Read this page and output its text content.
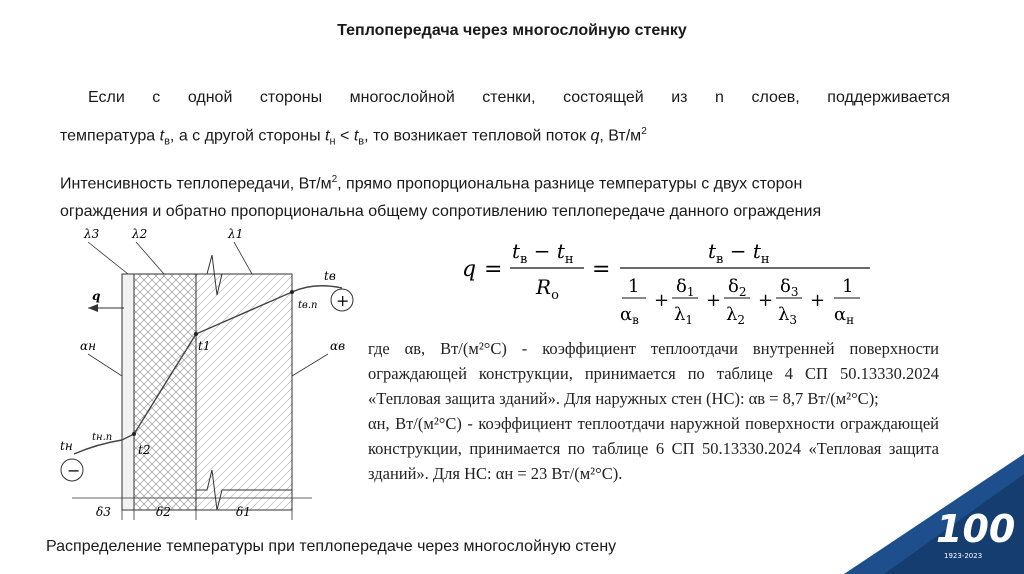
Теплопередача через многослойную стенку
Если с одной стороны многослойной стенки, состоящей из n слоев, поддерживается
температура $t_в$, а с другой стороны $t_н < t_в$, то возникает тепловой поток q, $Вт/м^2$
Интенсивность теплопередачи, $Вт/м^2$, прямо пропорциональна разнице температуры с двух сторон
ограждения и обратно пропорциональна общему сопротивлению теплопередаче данного ограждения
q =
$t_в - t_н$
$R_о$
=
$t_в - t_н$
1
$\alpha_в$
+
$\delta_1$
$\lambda_1$
+
$\delta_2$
$\lambda_2$
+
$\delta_3$
$\lambda_3$
+
1
$\alpha_н$

где αв, Вт/(м²°С) - коэффициент теплоотдачи внутренней поверхности ограждающей конструкции, принимается по таблице 4 СП 50.13330.2024 «Тепловая защита зданий». Для наружных стен (НС): αв = 8,7 Вт/(м²°С);

αн, Вт/(м²°С) - коэффициент теплоотдачи наружной поверхности ограждающей конструкции, принимается по таблице 6 СП 50.13330.2024 «Тепловая защита зданий». Для НС: αн = 23 Вт/(м²°С).

λ3	λ2	λ1
q
αн	αв
tв
tв.п
t1
t2
tн.п
tн
+
−
δ3	δ2	δ1
Распределение температуры при теплопередаче через многослойную стену	100
1923-2023
